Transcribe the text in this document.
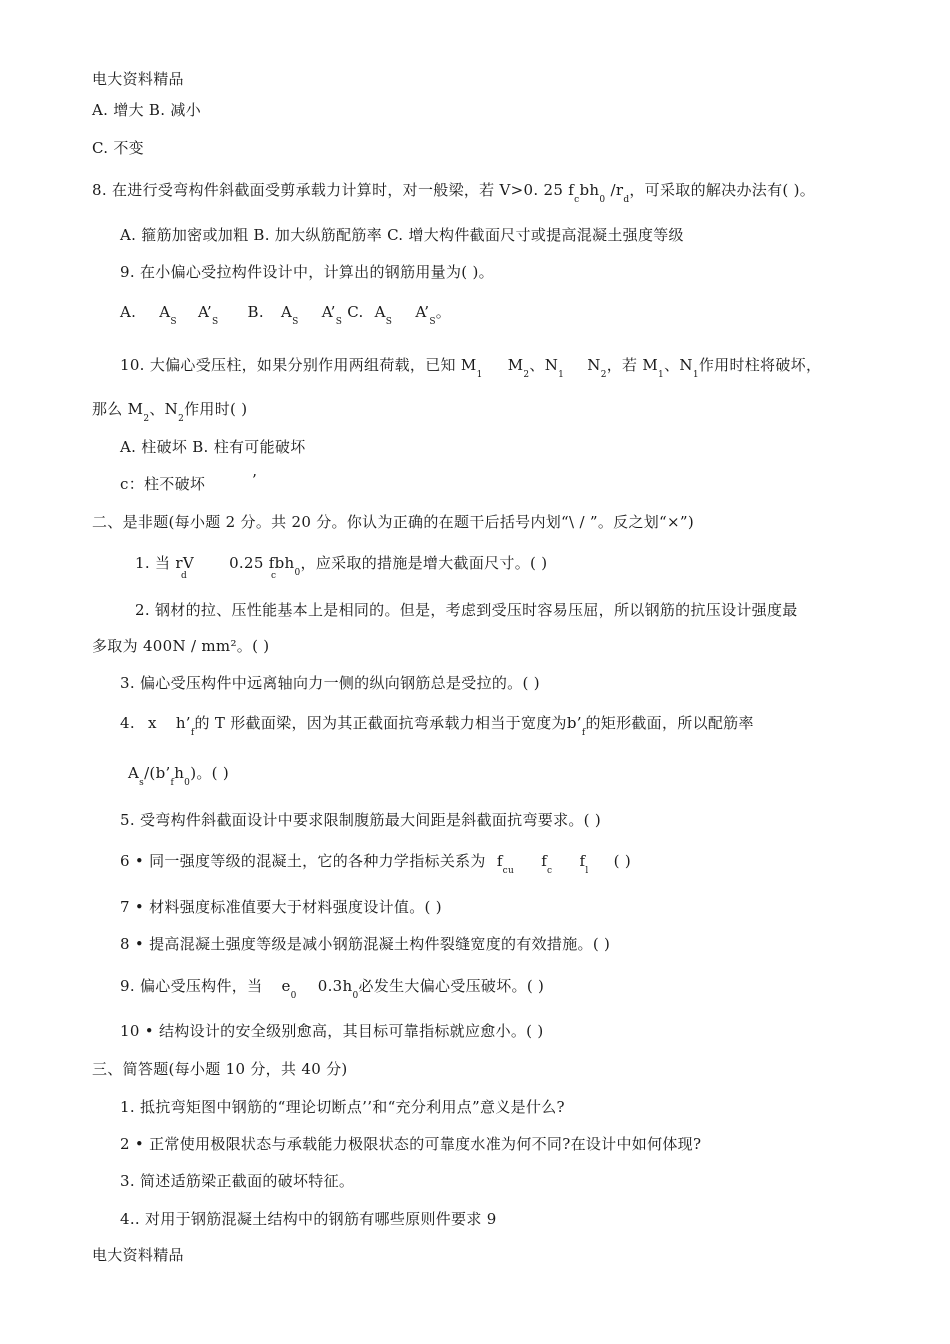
电大资料精品
A. 增大 B. 减小
C. 不变
8. 在进行受弯构件斜截面受剪承载力计算时，对一般梁，若 V>0. 25 $f_cbh_0$ $/r_d$，可采取的解决办法有( )。
A. 箍筋加密或加粗 B. 加大纵筋配筋率 C. 增大构件截面尺寸或提高混凝土强度等级
9. 在小偏心受拉构件设计中，计算出的钢筋用量为( )。
A. $A_S$ $A’_S$ B. $A_S$ $A’_S$ C. $A_S$ $A’_S$。
10. 大偏心受压柱，如果分别作用两组荷载，已知 $M_1$ $M_2$、$N_1$ $N_2$，若 $M_1$、$N_1$作用时柱将破坏，
那么 $M_2$、$N_2$作用时( )
A. 柱破坏 B. 柱有可能破坏
c：柱不破坏	’
二、是非题(每小题 2 分。共 20 分。你认为正确的在题干后括号内划“\ / ”。反之划“×”)
1. 当 rV 0.25 fbh$_0$，应采取的措施是增大截面尺寸。( )
d	c
2. 钢材的拉、压性能基本上是相同的。但是，考虑到受压时容易压屈，所以钢筋的抗压设计强度最
多取为 400N / mm²。( )
3. 偏心受压构件中远离轴向力一侧的纵向钢筋总是受拉的。( )
4. x $h’_f$的 T 形截面梁，因为其正截面抗弯承载力相当于宽度为$b’_f$的矩形截面，所以配筋率
$A_s/(b’_fh_0)$。( )
5. 受弯构件斜截面设计中要求限制腹筋最大间距是斜截面抗弯要求。( )
6 • 同一强度等级的混凝土，它的各种力学指标关系为 $f_{cu}$ $f_c$ $f_l$ ( )
7 • 材料强度标准值要大于材料强度设计值。( )
8 • 提高混凝土强度等级是减小钢筋混凝土构件裂缝宽度的有效措施。( )
9. 偏心受压构件，当 $e_0$ $0.3h_0$必发生大偏心受压破坏。( )
10 • 结构设计的安全级别愈高，其目标可靠指标就应愈小。( )
三、简答题(每小题 10 分，共 40 分)
1. 抵抗弯矩图中钢筋的“理论切断点’’和“充分利用点”意义是什么?
2 • 正常使用极限状态与承载能力极限状态的可靠度水准为何不同?在设计中如何体现?
3. 简述适筋梁正截面的破坏特征。
4.. 对用于钢筋混凝土结构中的钢筋有哪些原则件要求 9
电大资料精品
